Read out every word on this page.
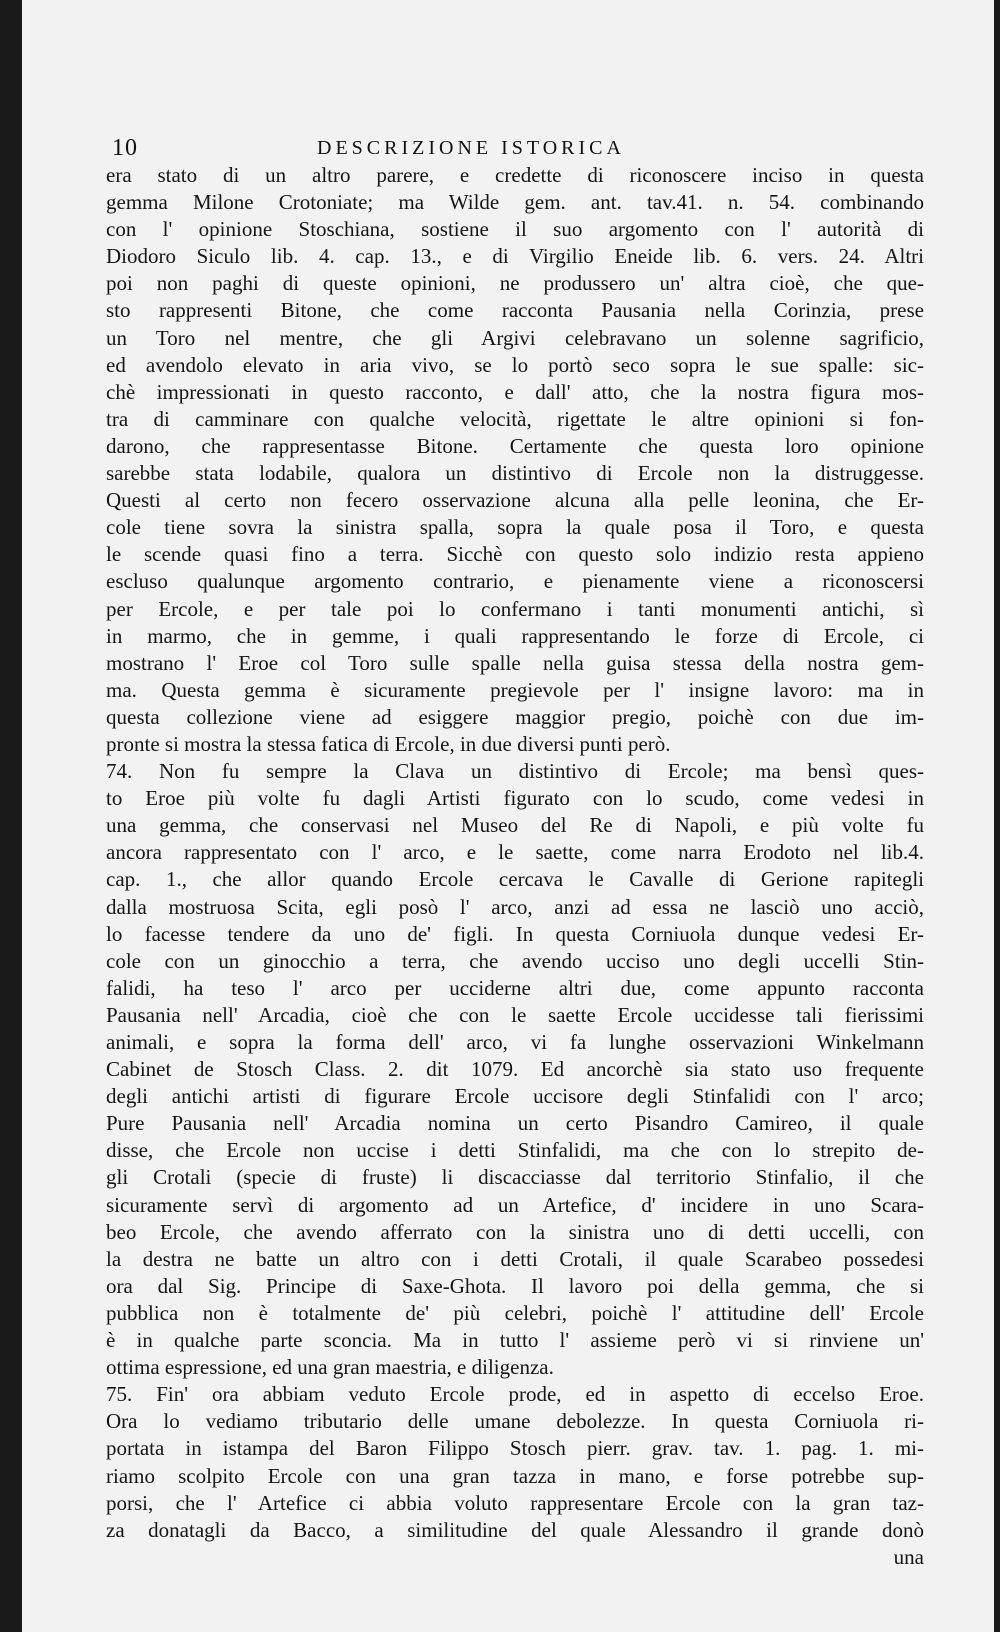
10	DESCRIZIONE ISTORICA
era stato di un altro parere, e credette di riconoscere inciso in questa
gemma Milone Crotoniate; ma Wilde gem. ant. tav.41. n. 54. combinando
con l' opinione Stoschiana, sostiene il suo argomento con l' autorità di
Diodoro Siculo lib. 4. cap. 13., e di Virgilio Eneide lib. 6. vers. 24. Altri
poi non paghi di queste opinioni, ne produssero un' altra cioè, che que-
sto rappresenti Bitone, che come racconta Pausania nella Corinzia, prese
un Toro nel mentre, che gli Argivi celebravano un solenne sagrificio,
ed avendolo elevato in aria vivo, se lo portò seco sopra le sue spalle: sic-
chè impressionati in questo racconto, e dall' atto, che la nostra figura mos-
tra di camminare con qualche velocità, rigettate le altre opinioni si fon-
darono, che rappresentasse Bitone. Certamente che questa loro opinione
sarebbe stata lodabile, qualora un distintivo di Ercole non la distruggesse.
Questi al certo non fecero osservazione alcuna alla pelle leonina, che Er-
cole tiene sovra la sinistra spalla, sopra la quale posa il Toro, e questa
le scende quasi fino a terra. Sicchè con questo solo indizio resta appieno
escluso qualunque argomento contrario, e pienamente viene a riconoscersi
per Ercole, e per tale poi lo confermano i tanti monumenti antichi, sì
in marmo, che in gemme, i quali rappresentando le forze di Ercole, ci
mostrano l' Eroe col Toro sulle spalle nella guisa stessa della nostra gem-
ma. Questa gemma è sicuramente pregievole per l' insigne lavoro: ma in
questa collezione viene ad esiggere maggior pregio, poichè con due im-
pronte si mostra la stessa fatica di Ercole, in due diversi punti però.
74. Non fu sempre la Clava un distintivo di Ercole; ma bensì ques-
to Eroe più volte fu dagli Artisti figurato con lo scudo, come vedesi in
una gemma, che conservasi nel Museo del Re di Napoli, e più volte fu
ancora rappresentato con l' arco, e le saette, come narra Erodoto nel lib.4.
cap. 1., che allor quando Ercole cercava le Cavalle di Gerione rapitegli
dalla mostruosa Scita, egli posò l' arco, anzi ad essa ne lasciò uno acciò,
lo facesse tendere da uno de' figli. In questa Corniuola dunque vedesi Er-
cole con un ginocchio a terra, che avendo ucciso uno degli uccelli Stin-
falidi, ha teso l' arco per ucciderne altri due, come appunto racconta
Pausania nell' Arcadia, cioè che con le saette Ercole uccidesse tali fierissimi
animali, e sopra la forma dell' arco, vi fa lunghe osservazioni Winkelmann
Cabinet de Stosch Class. 2. dit 1079. Ed ancorchè sia stato uso frequente
degli antichi artisti di figurare Ercole uccisore degli Stinfalidi con l' arco;
Pure Pausania nell' Arcadia nomina un certo Pisandro Camireo, il quale
disse, che Ercole non uccise i detti Stinfalidi, ma che con lo strepito de-
gli Crotali (specie di fruste) li discacciasse dal territorio Stinfalio, il che
sicuramente servì di argomento ad un Artefice, d' incidere in uno Scara-
beo Ercole, che avendo afferrato con la sinistra uno di detti uccelli, con
la destra ne batte un altro con i detti Crotali, il quale Scarabeo possedesi
ora dal Sig. Principe di Saxe-Ghota. Il lavoro poi della gemma, che si
pubblica non è totalmente de' più celebri, poichè l' attitudine dell' Ercole
è in qualche parte sconcia. Ma in tutto l' assieme però vi si rinviene un'
ottima espressione, ed una gran maestria, e diligenza.
75. Fin' ora abbiam veduto Ercole prode, ed in aspetto di eccelso Eroe.
Ora lo vediamo tributario delle umane debolezze. In questa Corniuola ri-
portata in istampa del Baron Filippo Stosch pierr. grav. tav. 1. pag. 1. mi-
riamo scolpito Ercole con una gran tazza in mano, e forse potrebbe sup-
porsi, che l' Artefice ci abbia voluto rappresentare Ercole con la gran taz-
za donatagli da Bacco, a similitudine del quale Alessandro il grande donò
una
